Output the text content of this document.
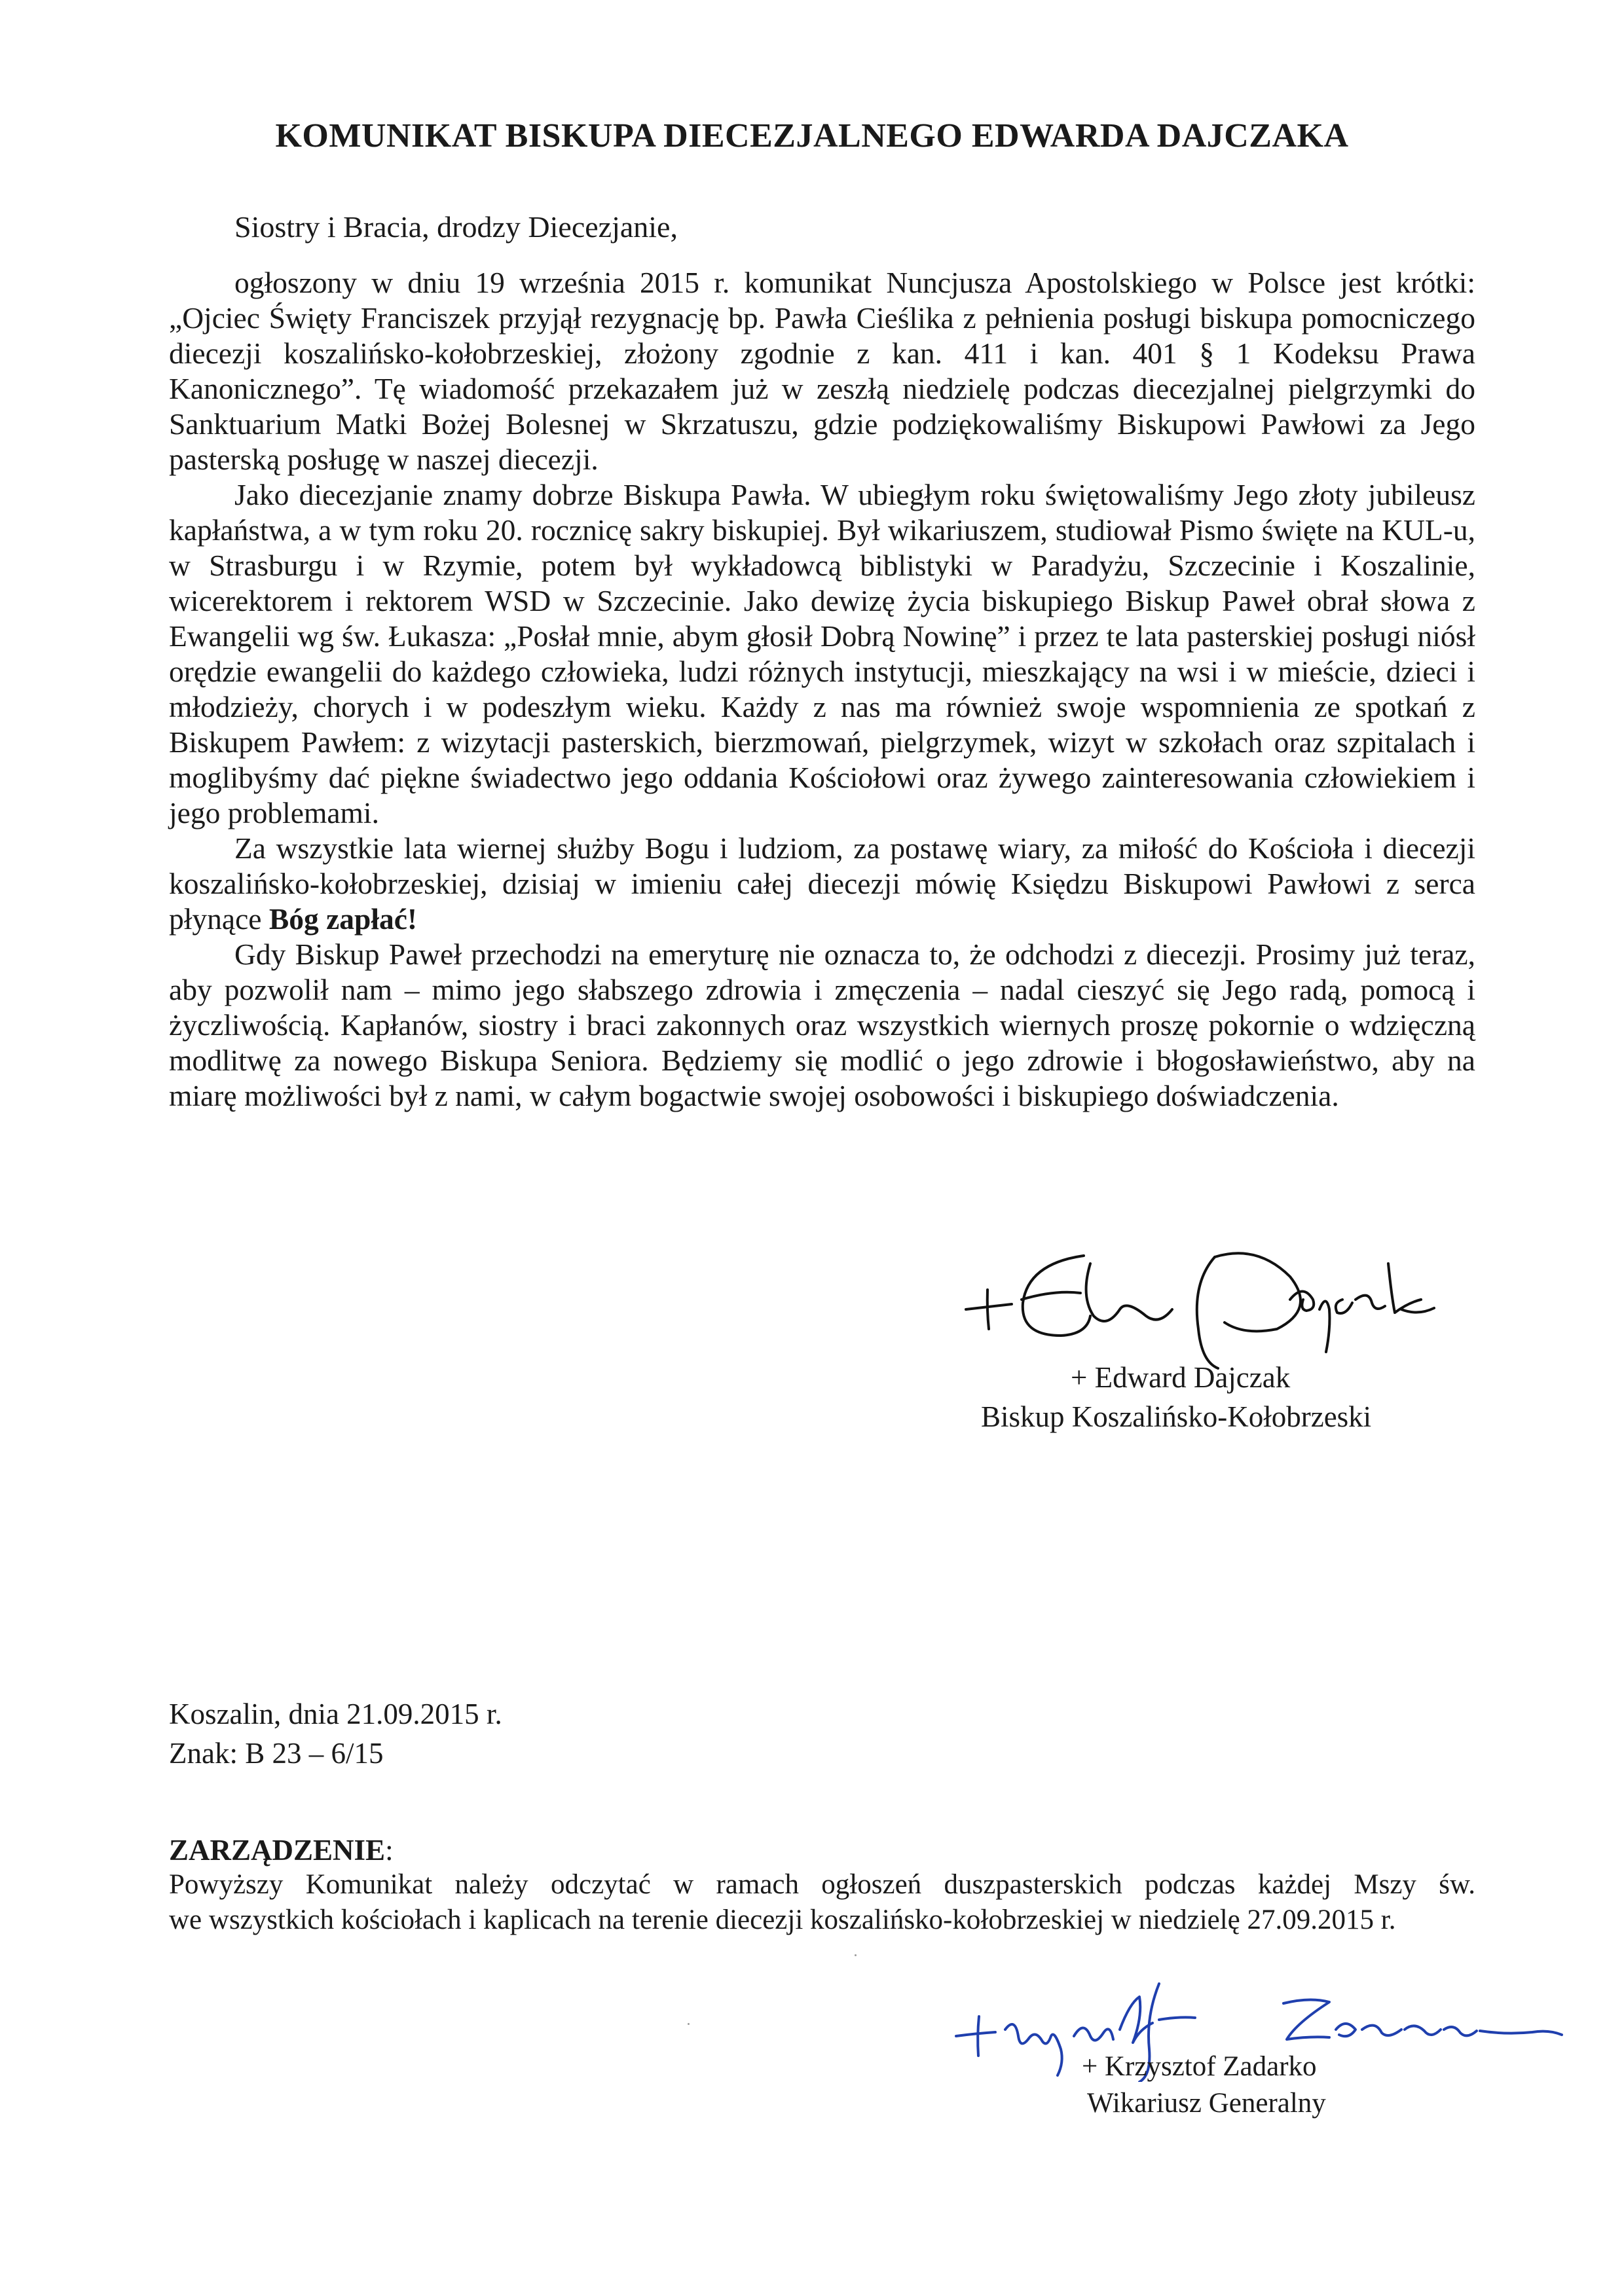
KOMUNIKAT BISKUPA DIECEZJALNEGO EDWARDA DAJCZAKA

Siostry i Bracia, drodzy Diecezjanie,

ogłoszony w dniu 19 września 2015 r. komunikat Nuncjusza Apostolskiego w Polsce jest krótki: „Ojciec Święty Franciszek przyjął rezygnację bp. Pawła Cieślika z pełnienia posługi biskupa pomocniczego diecezji koszalińsko-kołobrzeskiej, złożony zgodnie z kan. 411 i kan. 401 § 1 Kodeksu Prawa Kanonicznego”. Tę wiadomość przekazałem już w zeszłą niedzielę podczas diecezjalnej pielgrzymki do Sanktuarium Matki Bożej Bolesnej w Skrzatuszu, gdzie podziękowaliśmy Biskupowi Pawłowi za Jego pasterską posługę w naszej diecezji.

Jako diecezjanie znamy dobrze Biskupa Pawła. W ubiegłym roku świętowaliśmy Jego złoty jubileusz kapłaństwa, a w tym roku 20. rocznicę sakry biskupiej. Był wikariuszem, studiował Pismo święte na KUL-u, w Strasburgu i w Rzymie, potem był wykładowcą biblistyki w Paradyżu, Szczecinie i Koszalinie, wicerektorem i rektorem WSD w Szczecinie. Jako dewizę życia biskupiego Biskup Paweł obrał słowa z Ewangelii wg św. Łukasza: „Posłał mnie, abym głosił Dobrą Nowinę” i przez te lata pasterskiej posługi niósł orędzie ewangelii do każdego człowieka, ludzi różnych instytucji, mieszkający na wsi i w mieście, dzieci i młodzieży, chorych i w podeszłym wieku. Każdy z nas ma również swoje wspomnienia ze spotkań z Biskupem Pawłem: z wizytacji pasterskich, bierzmowań, pielgrzymek, wizyt w szkołach oraz szpitalach i moglibyśmy dać piękne świadectwo jego oddania Kościołowi oraz żywego zainteresowania człowiekiem i jego problemami.

Za wszystkie lata wiernej służby Bogu i ludziom, za postawę wiary, za miłość do Kościoła i diecezji koszalińsko-kołobrzeskiej, dzisiaj w imieniu całej diecezji mówię Księdzu Biskupowi Pawłowi z serca płynące Bóg zapłać!

Gdy Biskup Paweł przechodzi na emeryturę nie oznacza to, że odchodzi z diecezji. Prosimy już teraz, aby pozwolił nam – mimo jego słabszego zdrowia i zmęczenia – nadal cieszyć się Jego radą, pomocą i życzliwością. Kapłanów, siostry i braci zakonnych oraz wszystkich wiernych proszę pokornie o wdzięczną modlitwę za nowego Biskupa Seniora. Będziemy się modlić o jego zdrowie i błogosławieństwo, aby na miarę możliwości był z nami, w całym bogactwie swojej osobowości i biskupiego doświadczenia.

+ Edward Dajczak

Biskup Koszalińsko-Kołobrzeski

Koszalin, dnia 21.09.2015 r.

Znak: B 23 – 6/15

ZARZĄDZENIE:

Powyższy Komunikat należy odczytać w ramach ogłoszeń duszpasterskich podczas każdej Mszy św.
we wszystkich kościołach i kaplicach na terenie diecezji koszalińsko-kołobrzeskiej w niedzielę 27.09.2015 r.

+ Krzysztof Zadarko

Wikariusz Generalny
